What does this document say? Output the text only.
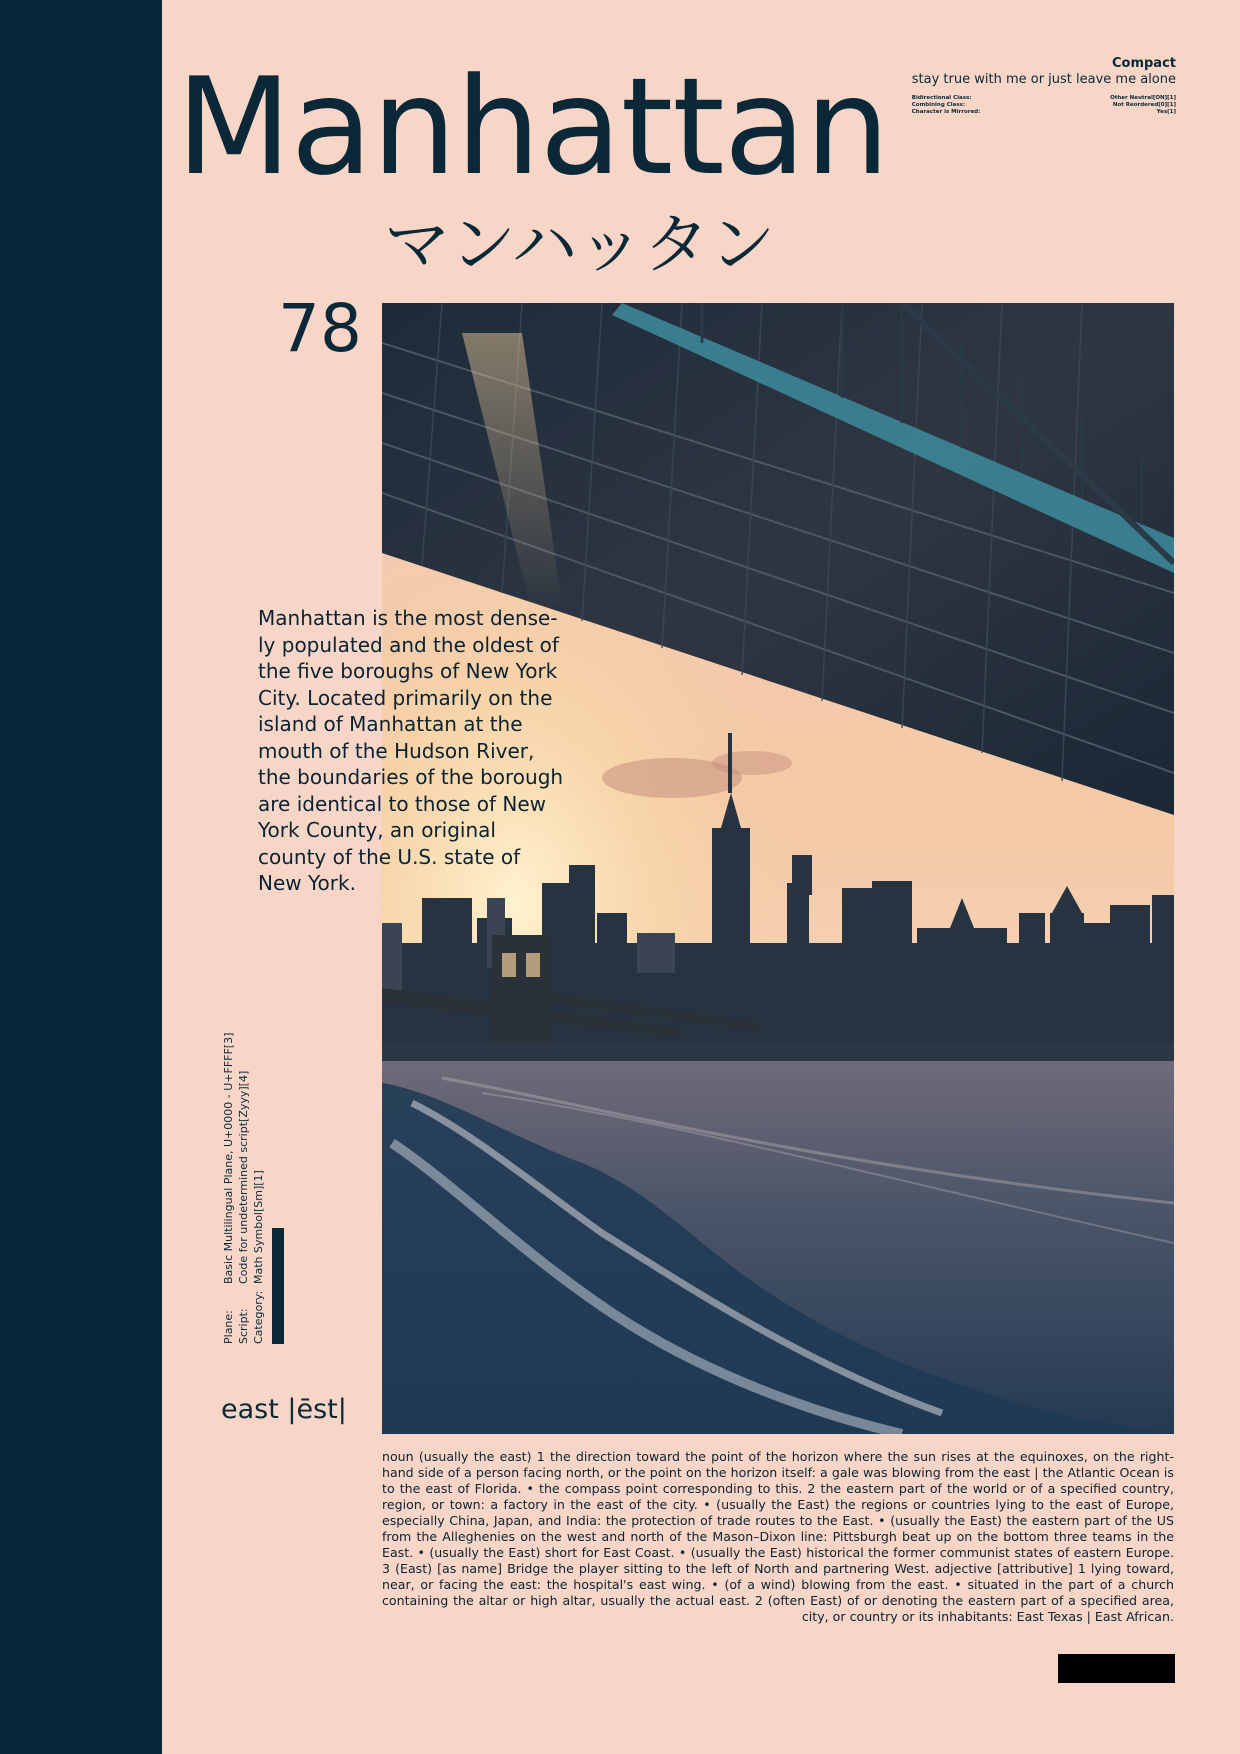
Manhattan
マンハッタン
78
Compact
stay true with me or just leave me alone
Bidirectional Class:	Other Neutral[ON][1]
Combining Class:	Not Reordered[0][1]
Character is Mirrored:	Yes[1]
Manhattan is the most dense-ly populated and the oldest of the five boroughs of New York City. Located primarily on the island of Manhattan at the mouth of the Hudson River, the boundaries of the borough are identical to those of New York County, an original county of the U.S. state of New York.
Plane:Basic Multilingual Plane, U+0000 - U+FFFF[3]
Script:Code for undetermined script[Zyyy][4]
Category:Math Symbol[Sm][1]
east |ēst|
noun (usually the east) 1 the direction toward the point of the horizon where the sun rises at the equinoxes, on the right-hand side of a person facing north, or the point on the horizon itself: a gale was blowing from the east | the Atlantic Ocean is to the east of Florida. • the compass point corresponding to this. 2 the eastern part of the world or of a specified country, region, or town: a factory in the east of the city. • (usually the East) the regions or countries lying to the east of Europe, especially China, Japan, and India: the protection of trade routes to the East. • (usually the East) the eastern part of the US from the Alleghenies on the west and north of the Mason–Dixon line: Pittsburgh beat up on the bottom three teams in the East. • (usually the East) short for East Coast. • (usually the East) historical the former communist states of eastern Europe. 3 (East) [as name] Bridge the player sitting to the left of North and partnering West. adjective [attributive] 1 lying toward, near, or facing the east: the hospital's east wing. • (of a wind) blowing from the east. • situated in the part of a church containing the altar or high altar, usually the actual east. 2 (often East) of or denoting the eastern part of a specified area, city, or country or its inhabitants: East Texas | East African.
